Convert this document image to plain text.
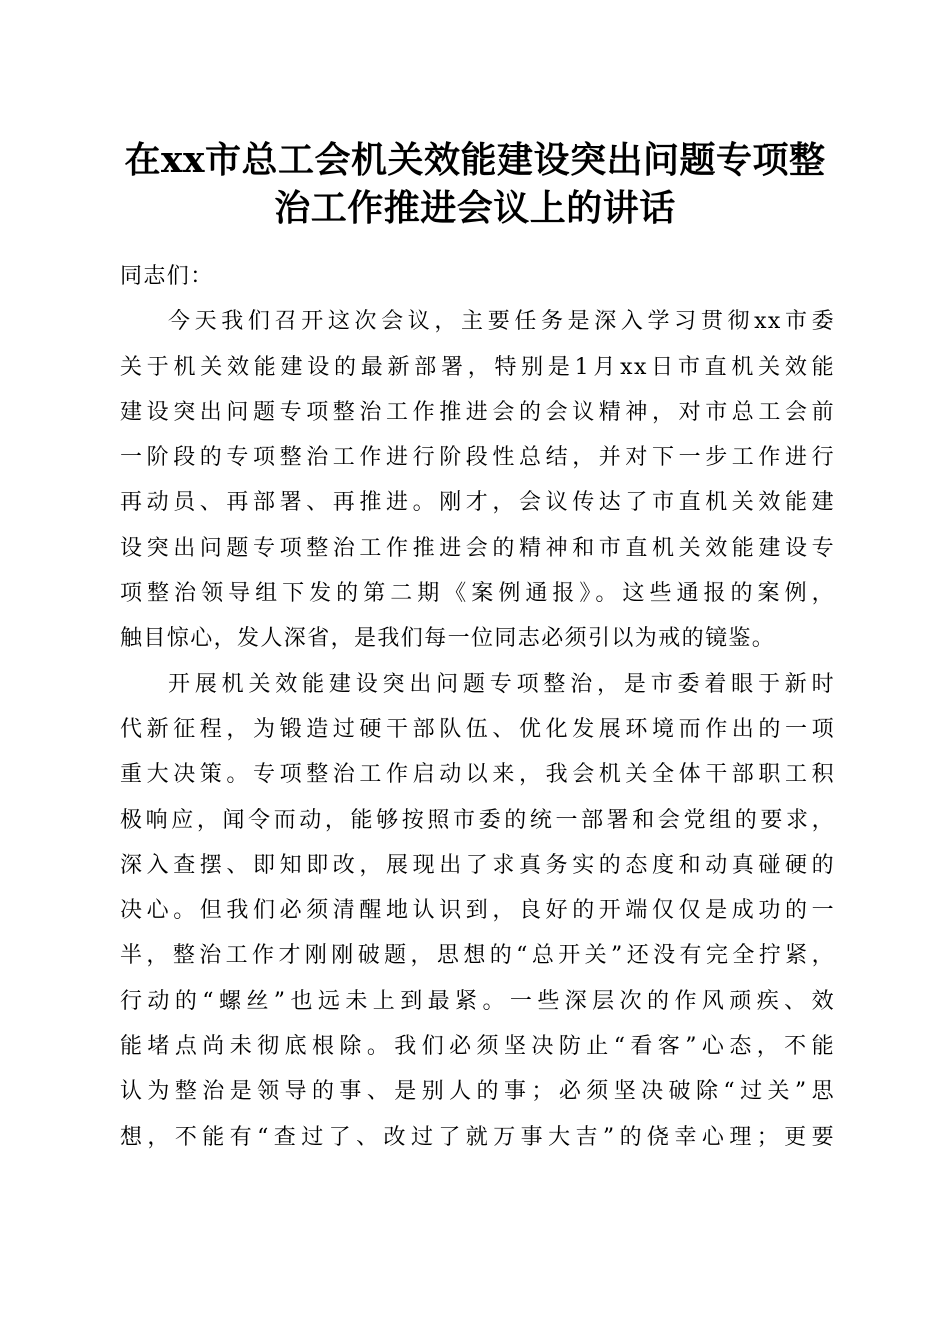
在xx市总工会机关效能建设突出问题专项整
治工作推进会议上的讲话
同志们：
今天我们召开这次会议，主要任务是深入学习贯彻xx市委
关于机关效能建设的最新部署，特别是1月xx日市直机关效能
建设突出问题专项整治工作推进会的会议精神，对市总工会前
一阶段的专项整治工作进行阶段性总结，并对下一步工作进行
再动员、再部署、再推进。刚才，会议传达了市直机关效能建
设突出问题专项整治工作推进会的精神和市直机关效能建设专
项整治领导组下发的第二期《案例通报》。这些通报的案例，
触目惊心，发人深省，是我们每一位同志必须引以为戒的镜鉴。
开展机关效能建设突出问题专项整治，是市委着眼于新时
代新征程，为锻造过硬干部队伍、优化发展环境而作出的一项
重大决策。专项整治工作启动以来，我会机关全体干部职工积
极响应，闻令而动，能够按照市委的统一部署和会党组的要求，
深入查摆、即知即改，展现出了求真务实的态度和动真碰硬的
决心。但我们必须清醒地认识到，良好的开端仅仅是成功的一
半，整治工作才刚刚破题，思想的“总开关”还没有完全拧紧，
行动的“螺丝”也远未上到最紧。一些深层次的作风顽疾、效
能堵点尚未彻底根除。我们必须坚决防止“看客”心态，不能
认为整治是领导的事、是别人的事；必须坚决破除“过关”思
想，不能有“查过了、改过了就万事大吉”的侥幸心理；更要
